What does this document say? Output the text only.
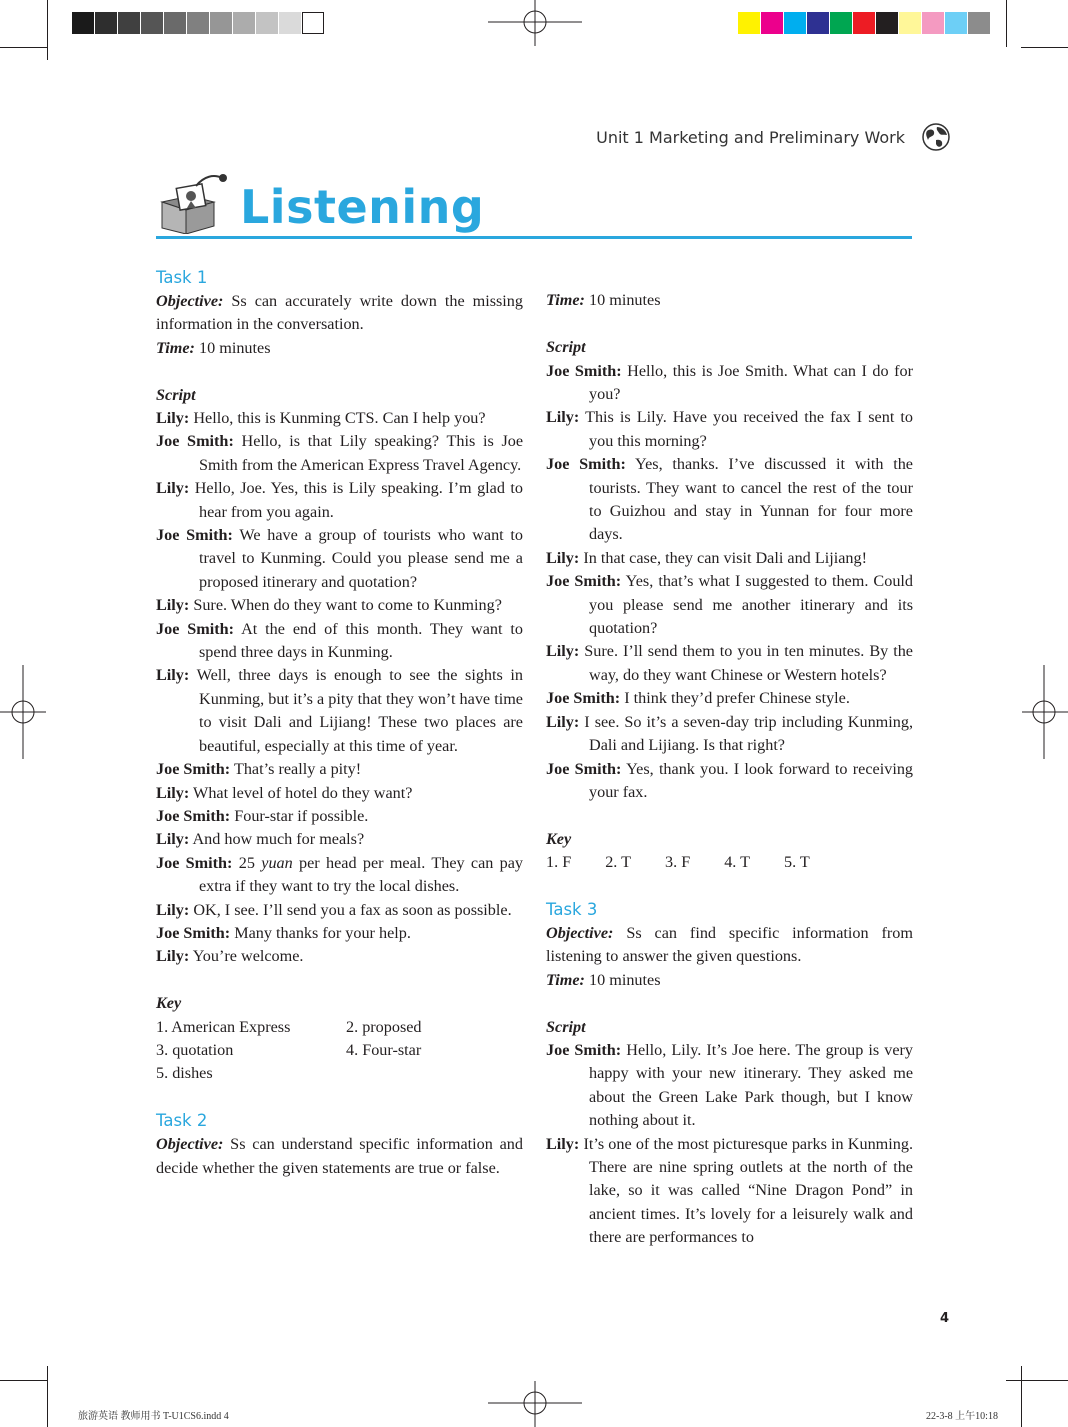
Unit 1 Marketing and Preliminary Work
Listening
Task 1
Objective: Ss can accurately write down the missing information in the conversation.
Time: 10 minutes
Script
Lily: Hello, this is Kunming CTS. Can I help you?
Joe Smith: Hello, is that Lily speaking? This is Joe Smith from the American Express Travel Agency.
Lily: Hello, Joe. Yes, this is Lily speaking. I’m glad to hear from you again.
Joe Smith: We have a group of tourists who want to travel to Kunming. Could you please send me a proposed itinerary and quotation?
Lily: Sure. When do they want to come to Kunming?
Joe Smith: At the end of this month. They want to spend three days in Kunming.
Lily: Well, three days is enough to see the sights in Kunming, but it’s a pity that they won’t have time to visit Dali and Lijiang! These two places are beautiful, especially at this time of year.
Joe Smith: That’s really a pity!
Lily: What level of hotel do they want?
Joe Smith: Four-star if possible.
Lily: And how much for meals?
Joe Smith: 25 yuan per head per meal. They can pay extra if they want to try the local dishes.
Lily: OK, I see. I’ll send you a fax as soon as possible.
Joe Smith: Many thanks for your help.
Lily: You’re welcome.
Key
1. American Express	2. proposed
3. quotation	4. Four-star
5. dishes
Task 2
Objective: Ss can understand specific information and decide whether the given statements are true or false.
Time: 10 minutes
Script
Joe Smith: Hello, this is Joe Smith. What can I do for you?
Lily: This is Lily. Have you received the fax I sent to you this morning?
Joe Smith: Yes, thanks. I’ve discussed it with the tourists. They want to cancel the rest of the tour to Guizhou and stay in Yunnan for four more days.
Lily: In that case, they can visit Dali and Lijiang!
Joe Smith: Yes, that’s what I suggested to them. Could you please send me another itinerary and its quotation?
Lily: Sure. I’ll send them to you in ten minutes. By the way, do they want Chinese or Western hotels?
Joe Smith: I think they’d prefer Chinese style.
Lily: I see. So it’s a seven-day trip including Kunming, Dali and Lijiang. Is that right?
Joe Smith: Yes, thank you. I look forward to receiving your fax.
Key
1. F 2. T 3. F 4. T 5. T
Task 3
Objective: Ss can find specific information from listening to answer the given questions.
Time: 10 minutes
Script
Joe Smith: Hello, Lily. It’s Joe here. The group is very happy with your new itinerary. They asked me about the Green Lake Park though, but I know nothing about it.
Lily: It’s one of the most picturesque parks in Kunming. There are nine spring outlets at the north of the lake, so it was called “Nine Dragon Pond” in ancient times. It’s lovely for a leisurely walk and there are performances to
4
旅游英语 教师用书 T-U1CS6.indd 4	22-3-8 上午10:18
